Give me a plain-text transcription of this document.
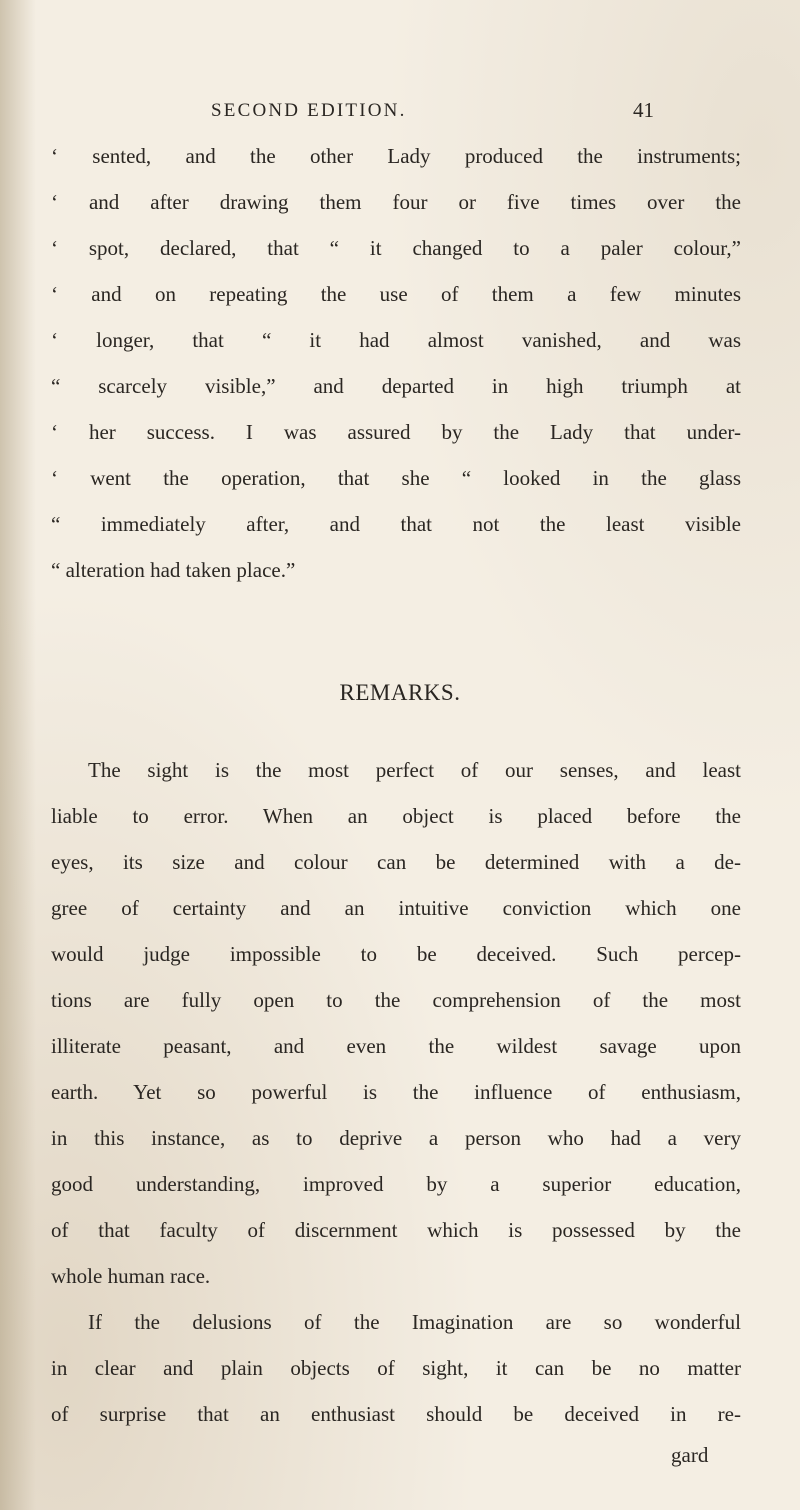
SECOND EDITION.	41
‘ sented, and the other Lady produced the instruments;
‘ and after drawing them four or five times over the
‘ spot, declared, that “ it changed to a paler colour,”
‘ and on repeating the use of them a few minutes
‘ longer, that “ it had almost vanished, and was
“ scarcely visible,” and departed in high triumph at
‘ her success. I was assured by the Lady that under-
‘ went the operation, that she “ looked in the glass
“ immediately after, and that not the least visible
“ alteration had taken place.”
REMARKS.
The sight is the most perfect of our senses, and least
liable to error. When an object is placed before the
eyes, its size and colour can be determined with a de-
gree of certainty and an intuitive conviction which one
would judge impossible to be deceived. Such percep-
tions are fully open to the comprehension of the most
illiterate peasant, and even the wildest savage upon
earth. Yet so powerful is the influence of enthusiasm,
in this instance, as to deprive a person who had a very
good understanding, improved by a superior education,
of that faculty of discernment which is possessed by the
whole human race.
If the delusions of the Imagination are so wonderful
in clear and plain objects of sight, it can be no matter
of surprise that an enthusiast should be deceived in re-
gard
